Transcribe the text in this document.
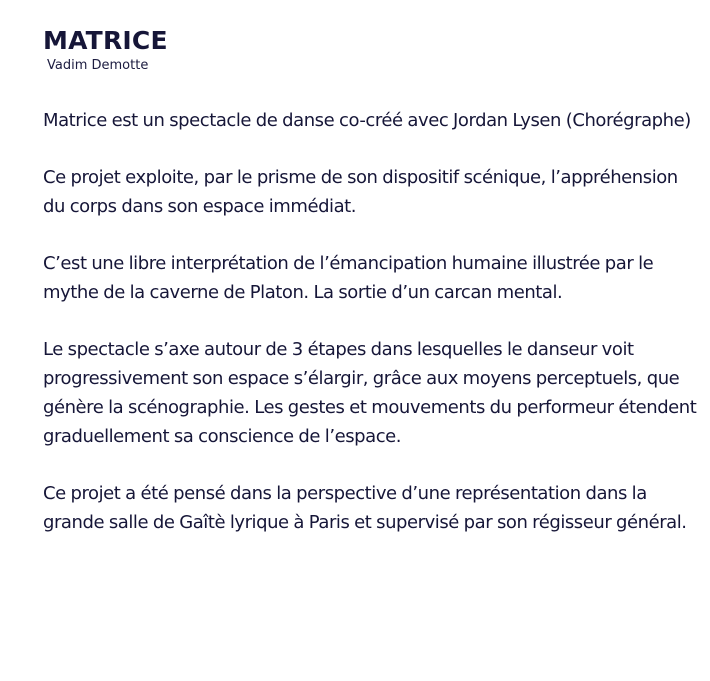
MATRICE
Vadim Demotte

Matrice est un spectacle de danse co-créé avec Jordan Lysen (Chorégraphe)

Ce projet exploite, par le prisme de son dispositif scénique, l’appréhension du corps dans son espace immédiat.

C’est une libre interprétation de l’émancipation humaine illustrée par le mythe de la caverne de Platon. La sortie d’un carcan mental.

Le spectacle s’axe autour de 3 étapes dans lesquelles le danseur voit progressivement son espace s’élargir, grâce aux moyens perceptuels, que génère la scénographie. Les gestes et mouvements du performeur étendent graduellement sa conscience de l’espace.

Ce projet a été pensé dans la perspective d’une représentation dans la grande salle de Gaîtè lyrique à Paris et supervisé par son régisseur général.
